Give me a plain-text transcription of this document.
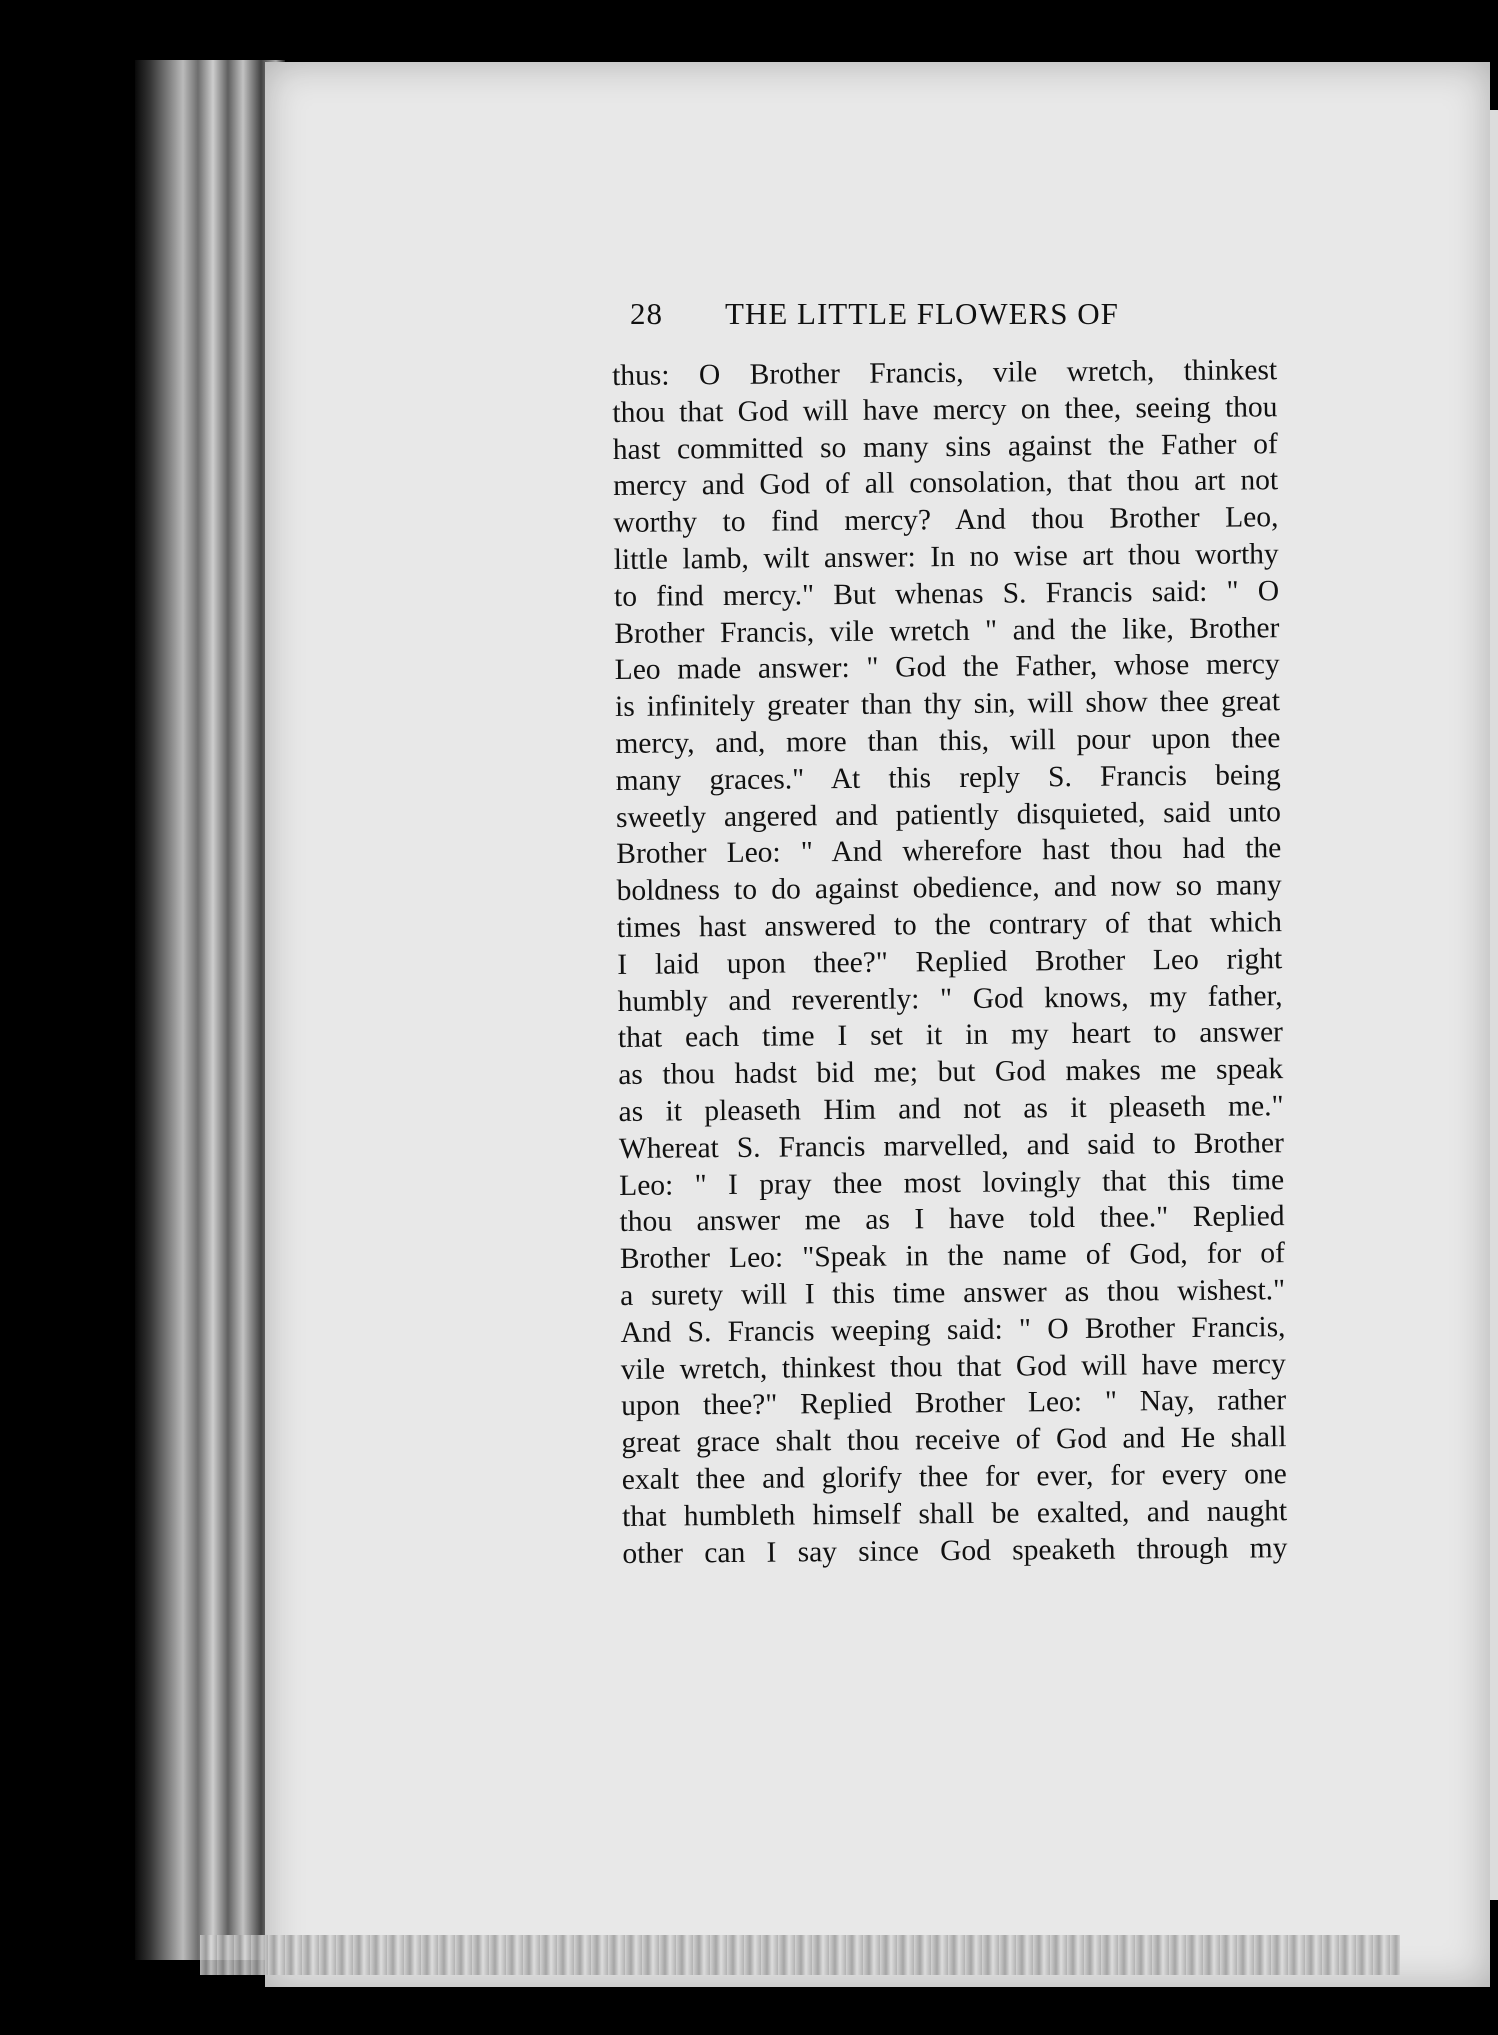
28 THE LITTLE FLOWERS OF
thus: O Brother Francis, vile wretch, thinkest
thou that God will have mercy on thee, seeing thou
hast committed so many sins against the Father of
mercy and God of all consolation, that thou art not
worthy to find mercy? And thou Brother Leo,
little lamb, wilt answer: In no wise art thou worthy
to find mercy." But whenas S. Francis said: " O
Brother Francis, vile wretch " and the like, Brother
Leo made answer: " God the Father, whose mercy
is infinitely greater than thy sin, will show thee great
mercy, and, more than this, will pour upon thee
many graces." At this reply S. Francis being
sweetly angered and patiently disquieted, said unto
Brother Leo: " And wherefore hast thou had the
boldness to do against obedience, and now so many
times hast answered to the contrary of that which
I laid upon thee?" Replied Brother Leo right
humbly and reverently: " God knows, my father,
that each time I set it in my heart to answer
as thou hadst bid me; but God makes me speak
as it pleaseth Him and not as it pleaseth me."
Whereat S. Francis marvelled, and said to Brother
Leo: " I pray thee most lovingly that this time
thou answer me as I have told thee." Replied
Brother Leo: "Speak in the name of God, for of
a surety will I this time answer as thou wishest."
And S. Francis weeping said: " O Brother Francis,
vile wretch, thinkest thou that God will have mercy
upon thee?" Replied Brother Leo: " Nay, rather
great grace shalt thou receive of God and He shall
exalt thee and glorify thee for ever, for every one
that humbleth himself shall be exalted, and naught
other can I say since God speaketh through my
